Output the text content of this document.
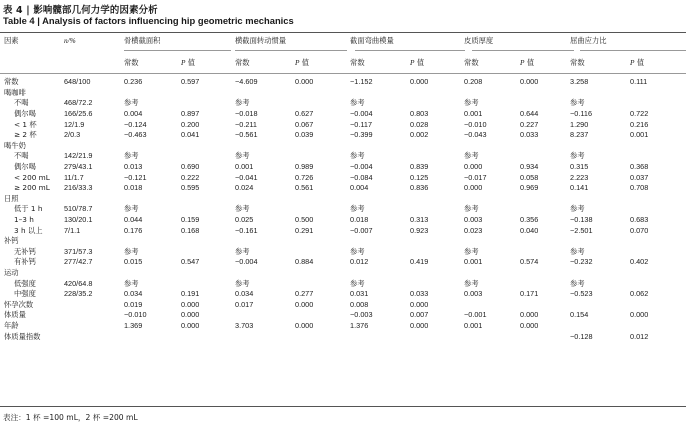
表 4 | 影响髋部几何力学的因素分析
Table 4 | Analysis of factors influencing hip geometric mechanics
因素	n/%	骨横截面积		横截面转动惯量		截面弯曲模量		皮质厚度		屈曲应力比	
		常数	P 值	常数	P 值	常数	P 值	常数	P 值	常数	P 值
常数	648/100	0.236	0.597	−4.609	0.000	−1.152	0.000	0.208	0.000	3.258	0.111
喝咖啡											
不喝	468/72.2	参考		参考		参考		参考		参考	
偶尔喝	166/25.6	0.004	0.897	−0.018	0.627	−0.004	0.803	0.001	0.644	−0.116	0.722
< 1 杯	12/1.9	−0.124	0.200	−0.211	0.067	−0.117	0.028	−0.010	0.227	1.290	0.216
≥ 2 杯	2/0.3	−0.463	0.041	−0.561	0.039	−0.399	0.002	−0.043	0.033	8.237	0.001
喝牛奶											
不喝	142/21.9	参考		参考		参考		参考		参考	
偶尔喝	279/43.1	0.013	0.690	0.001	0.989	−0.004	0.839	0.000	0.934	0.315	0.368
< 200 mL	11/1.7	−0.121	0.222	−0.041	0.726	−0.084	0.125	−0.017	0.058	2.223	0.037
≥ 200 mL	216/33.3	0.018	0.595	0.024	0.561	0.004	0.836	0.000	0.969	0.141	0.708
日照											
低于 1 h	510/78.7	参考		参考		参考		参考		参考	
1–3 h	130/20.1	0.044	0.159	0.025	0.500	0.018	0.313	0.003	0.356	−0.138	0.683
3 h 以上	7/1.1	0.176	0.168	−0.161	0.291	−0.007	0.923	0.023	0.040	−2.501	0.070
补钙											
无补钙	371/57.3	参考		参考		参考		参考		参考	
有补钙	277/42.7	0.015	0.547	−0.004	0.884	0.012	0.419	0.001	0.574	−0.232	0.402
运动											
低强度	420/64.8	参考		参考		参考		参考		参考	
中强度	228/35.2	0.034	0.191	0.034	0.277	0.031	0.033	0.003	0.171	−0.523	0.062
怀孕次数		0.019	0.000	0.017	0.000	0.008	0.000				
体质量		−0.010	0.000			−0.003	0.007	−0.001	0.000	0.154	0.000
年龄		1.369	0.000	3.703	0.000	1.376	0.000	0.001	0.000		
体质量指数										−0.128	0.012
表注：1 杯 =100 mL，2 杯 =200 mL
